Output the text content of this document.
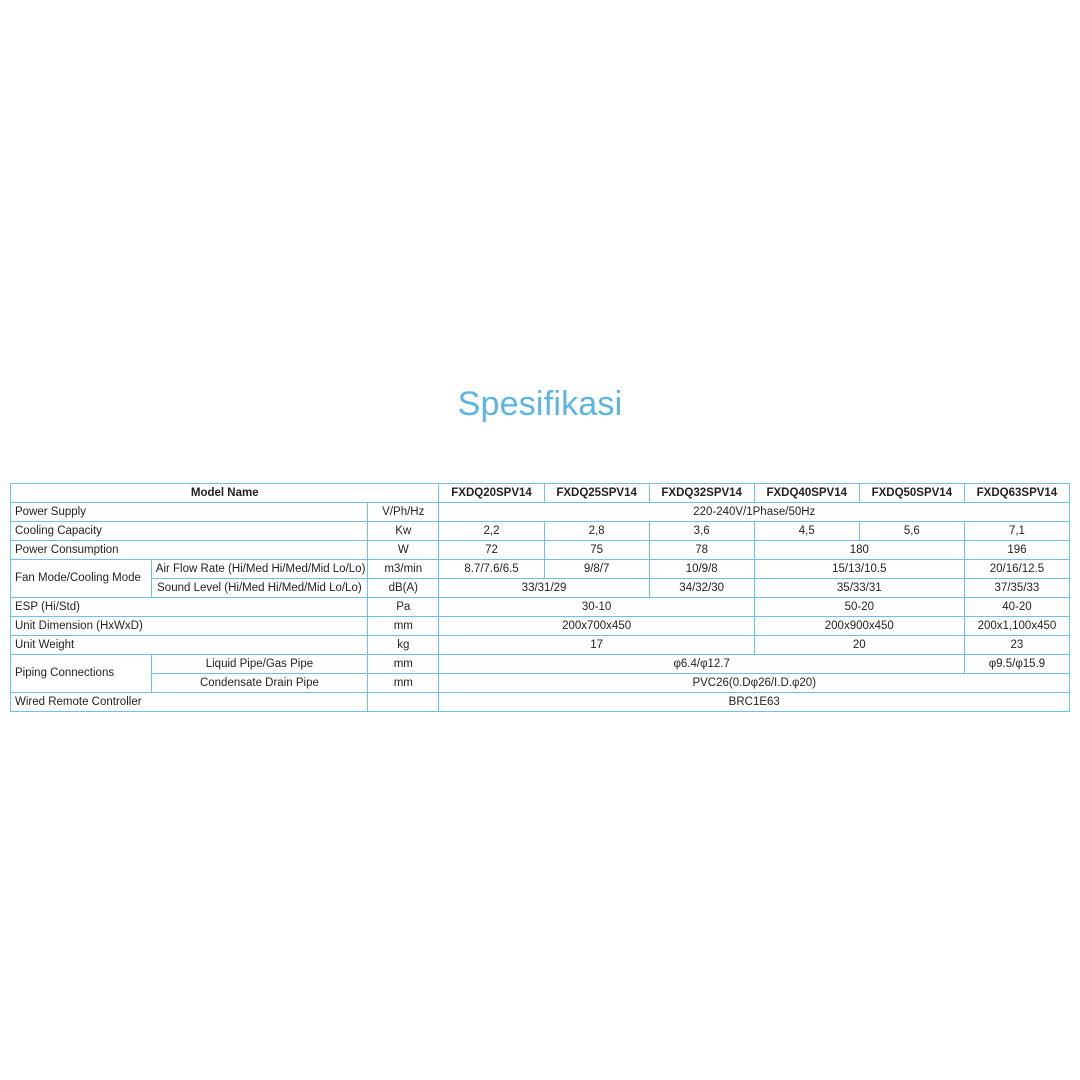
Spesifikasi
Model Name			FXDQ20SPV14	FXDQ25SPV14	FXDQ32SPV14	FXDQ40SPV14	FXDQ50SPV14	FXDQ63SPV14
Power Supply		V/Ph/Hz	220-240V/1Phase/50Hz					
Cooling Capacity		Kw	2,2	2,8	3,6	4,5	5,6	7,1
Power Consumption		W	72	75	78	180		196
Fan Mode/Cooling Mode	Air Flow Rate (Hi/Med Hi/Med/Mid Lo/Lo)	m3/min	8.7/7.6/6.5	9/8/7	10/9/8	15/13/10.5		20/16/12.5
	Sound Level (Hi/Med Hi/Med/Mid Lo/Lo)	dB(A)	33/31/29		34/32/30	35/33/31		37/35/33
ESP (Hi/Std)		Pa	30-10			50-20		40-20
Unit Dimension (HxWxD)		mm	200x700x450			200x900x450		200x1,100x450
Unit Weight		kg	17			20		23
Piping Connections	Liquid Pipe/Gas Pipe	mm	φ6.4/φ12.7					φ9.5/φ15.9
	Condensate Drain Pipe	mm	PVC26(0.Dφ26/I.D.φ20)					
Wired Remote Controller			BRC1E63					
